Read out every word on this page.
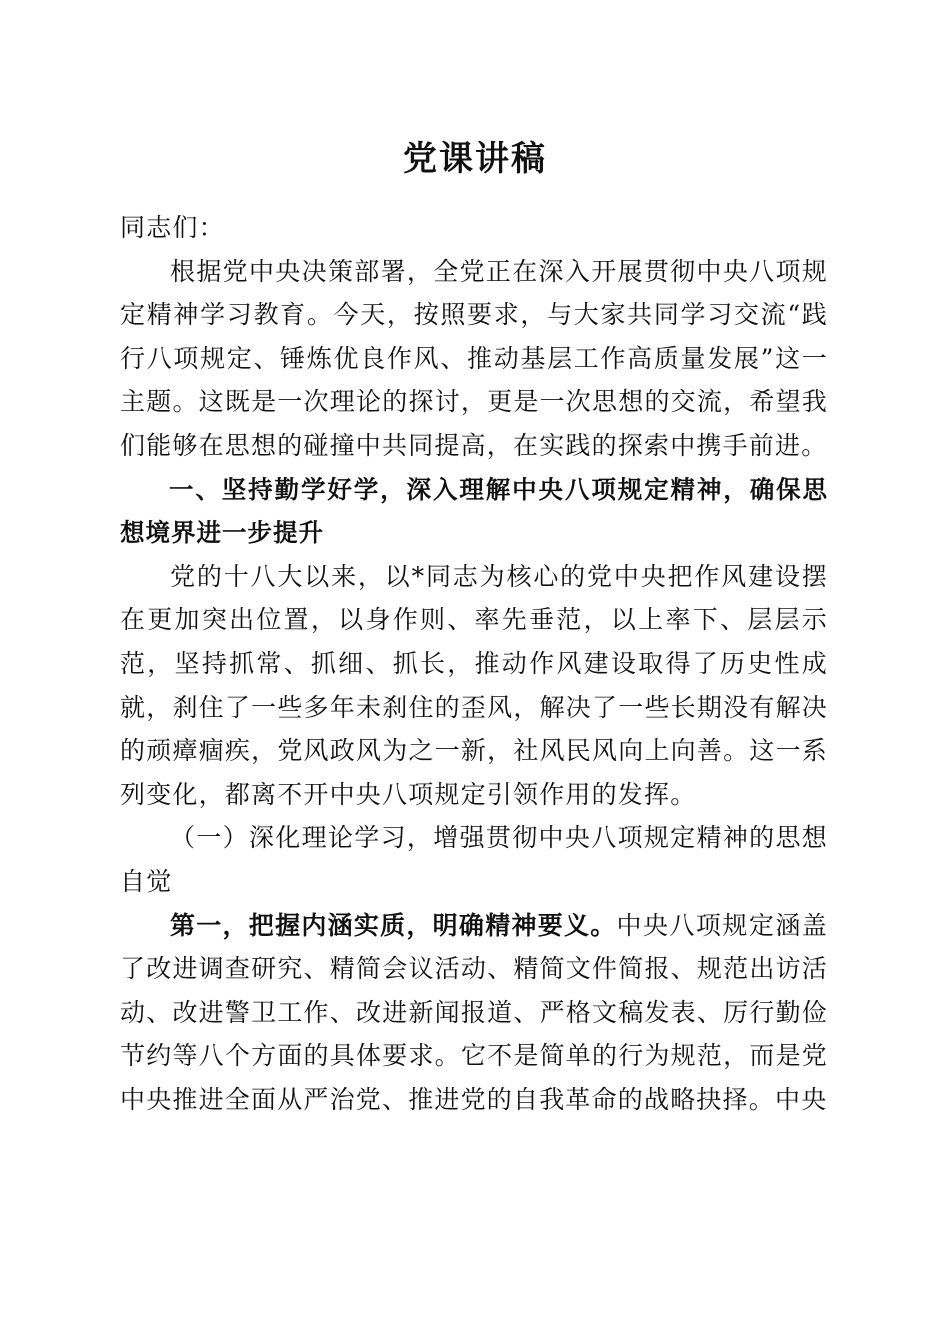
党课讲稿

同志们：

根据党中央决策部署，全党正在深入开展贯彻中央八项规定精神学习教育。今天，按照要求，与大家共同学习交流“践行八项规定、锤炼优良作风、推动基层工作高质量发展”这一主题。这既是一次理论的探讨，更是一次思想的交流，希望我们能够在思想的碰撞中共同提高，在实践的探索中携手前进。

一、坚持勤学好学，深入理解中央八项规定精神，确保思想境界进一步提升

党的十八大以来，以*同志为核心的党中央把作风建设摆在更加突出位置，以身作则、率先垂范，以上率下、层层示范，坚持抓常、抓细、抓长，推动作风建设取得了历史性成就，刹住了一些多年未刹住的歪风，解决了一些长期没有解决的顽瘴痼疾，党风政风为之一新，社风民风向上向善。这一系列变化，都离不开中央八项规定引领作用的发挥。

（一）深化理论学习，增强贯彻中央八项规定精神的思想自觉

第一，把握内涵实质，明确精神要义。中央八项规定涵盖了改进调查研究、精简会议活动、精简文件简报、规范出访活动、改进警卫工作、改进新闻报道、严格文稿发表、厉行勤俭节约等八个方面的具体要求。它不是简单的行为规范，而是党中央推进全面从严治党、推进党的自我革命的战略抉择。中央
